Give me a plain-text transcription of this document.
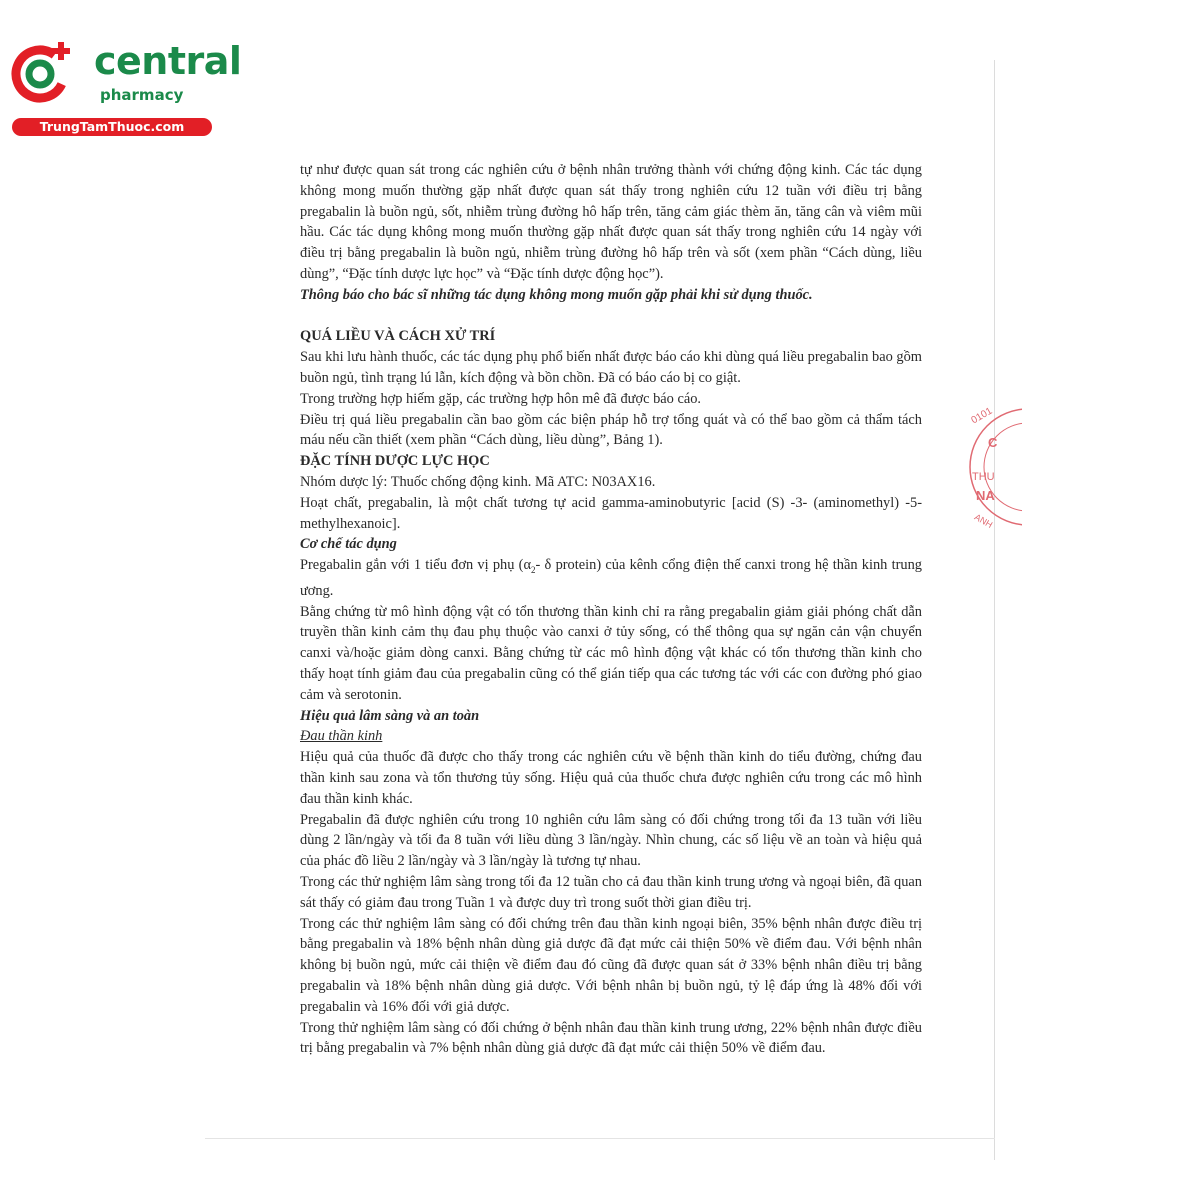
central
pharmacy
TrungTamThuoc.com
0101
C
THU
NA
ANH

tự như được quan sát trong các nghiên cứu ở bệnh nhân trưởng thành với chứng động kinh. Các tác dụng không mong muốn thường gặp nhất được quan sát thấy trong nghiên cứu 12 tuần với điều trị bằng pregabalin là buồn ngủ, sốt, nhiễm trùng đường hô hấp trên, tăng cảm giác thèm ăn, tăng cân và viêm mũi hầu. Các tác dụng không mong muốn thường gặp nhất được quan sát thấy trong nghiên cứu 14 ngày với điều trị bằng pregabalin là buồn ngủ, nhiễm trùng đường hô hấp trên và sốt (xem phần “Cách dùng, liều dùng”, “Đặc tính dược lực học” và “Đặc tính dược động học”).

Thông báo cho bác sĩ những tác dụng không mong muốn gặp phải khi sử dụng thuốc.

QUÁ LIỀU VÀ CÁCH XỬ TRÍ

Sau khi lưu hành thuốc, các tác dụng phụ phổ biến nhất được báo cáo khi dùng quá liều pregabalin bao gồm buồn ngủ, tình trạng lú lẫn, kích động và bồn chồn. Đã có báo cáo bị co giật.

Trong trường hợp hiếm gặp, các trường hợp hôn mê đã được báo cáo.

Điều trị quá liều pregabalin cần bao gồm các biện pháp hỗ trợ tổng quát và có thể bao gồm cả thẩm tách máu nếu cần thiết (xem phần “Cách dùng, liều dùng”, Bảng 1).

ĐẶC TÍNH DƯỢC LỰC HỌC

Nhóm dược lý: Thuốc chống động kinh. Mã ATC: N03AX16.

Hoạt chất, pregabalin, là một chất tương tự acid gamma-aminobutyric [acid (S) -3- (aminomethyl) -5- methylhexanoic].

Cơ chế tác dụng

Pregabalin gắn với 1 tiểu đơn vị phụ ($\alpha_2-$ δ protein) của kênh cổng điện thế canxi trong hệ thần kinh trung ương.

Bằng chứng từ mô hình động vật có tổn thương thần kinh chỉ ra rằng pregabalin giảm giải phóng chất dẫn truyền thần kinh cảm thụ đau phụ thuộc vào canxi ở tủy sống, có thể thông qua sự ngăn cản vận chuyển canxi và/hoặc giảm dòng canxi. Bằng chứng từ các mô hình động vật khác có tổn thương thần kinh cho thấy hoạt tính giảm đau của pregabalin cũng có thể gián tiếp qua các tương tác với các con đường phó giao cảm và serotonin.

Hiệu quả lâm sàng và an toàn

Đau thần kinh

Hiệu quả của thuốc đã được cho thấy trong các nghiên cứu về bệnh thần kinh do tiểu đường, chứng đau thần kinh sau zona và tổn thương tủy sống. Hiệu quả của thuốc chưa được nghiên cứu trong các mô hình đau thần kinh khác.

Pregabalin đã được nghiên cứu trong 10 nghiên cứu lâm sàng có đối chứng trong tối đa 13 tuần với liều dùng 2 lần/ngày và tối đa 8 tuần với liều dùng 3 lần/ngày. Nhìn chung, các số liệu về an toàn và hiệu quả của phác đồ liều 2 lần/ngày và 3 lần/ngày là tương tự nhau.

Trong các thử nghiệm lâm sàng trong tối đa 12 tuần cho cả đau thần kinh trung ương và ngoại biên, đã quan sát thấy có giảm đau trong Tuần 1 và được duy trì trong suốt thời gian điều trị.

Trong các thử nghiệm lâm sàng có đối chứng trên đau thần kinh ngoại biên, 35% bệnh nhân được điều trị bằng pregabalin và 18% bệnh nhân dùng giả dược đã đạt mức cải thiện 50% về điểm đau. Với bệnh nhân không bị buồn ngủ, mức cải thiện về điểm đau đó cũng đã được quan sát ở 33% bệnh nhân điều trị bằng pregabalin và 18% bệnh nhân dùng giả dược. Với bệnh nhân bị buồn ngủ, tỷ lệ đáp ứng là 48% đối với pregabalin và 16% đối với giả dược.

Trong thử nghiệm lâm sàng có đối chứng ở bệnh nhân đau thần kinh trung ương, 22% bệnh nhân được điều trị bằng pregabalin và 7% bệnh nhân dùng giả dược đã đạt mức cải thiện 50% về điểm đau.
